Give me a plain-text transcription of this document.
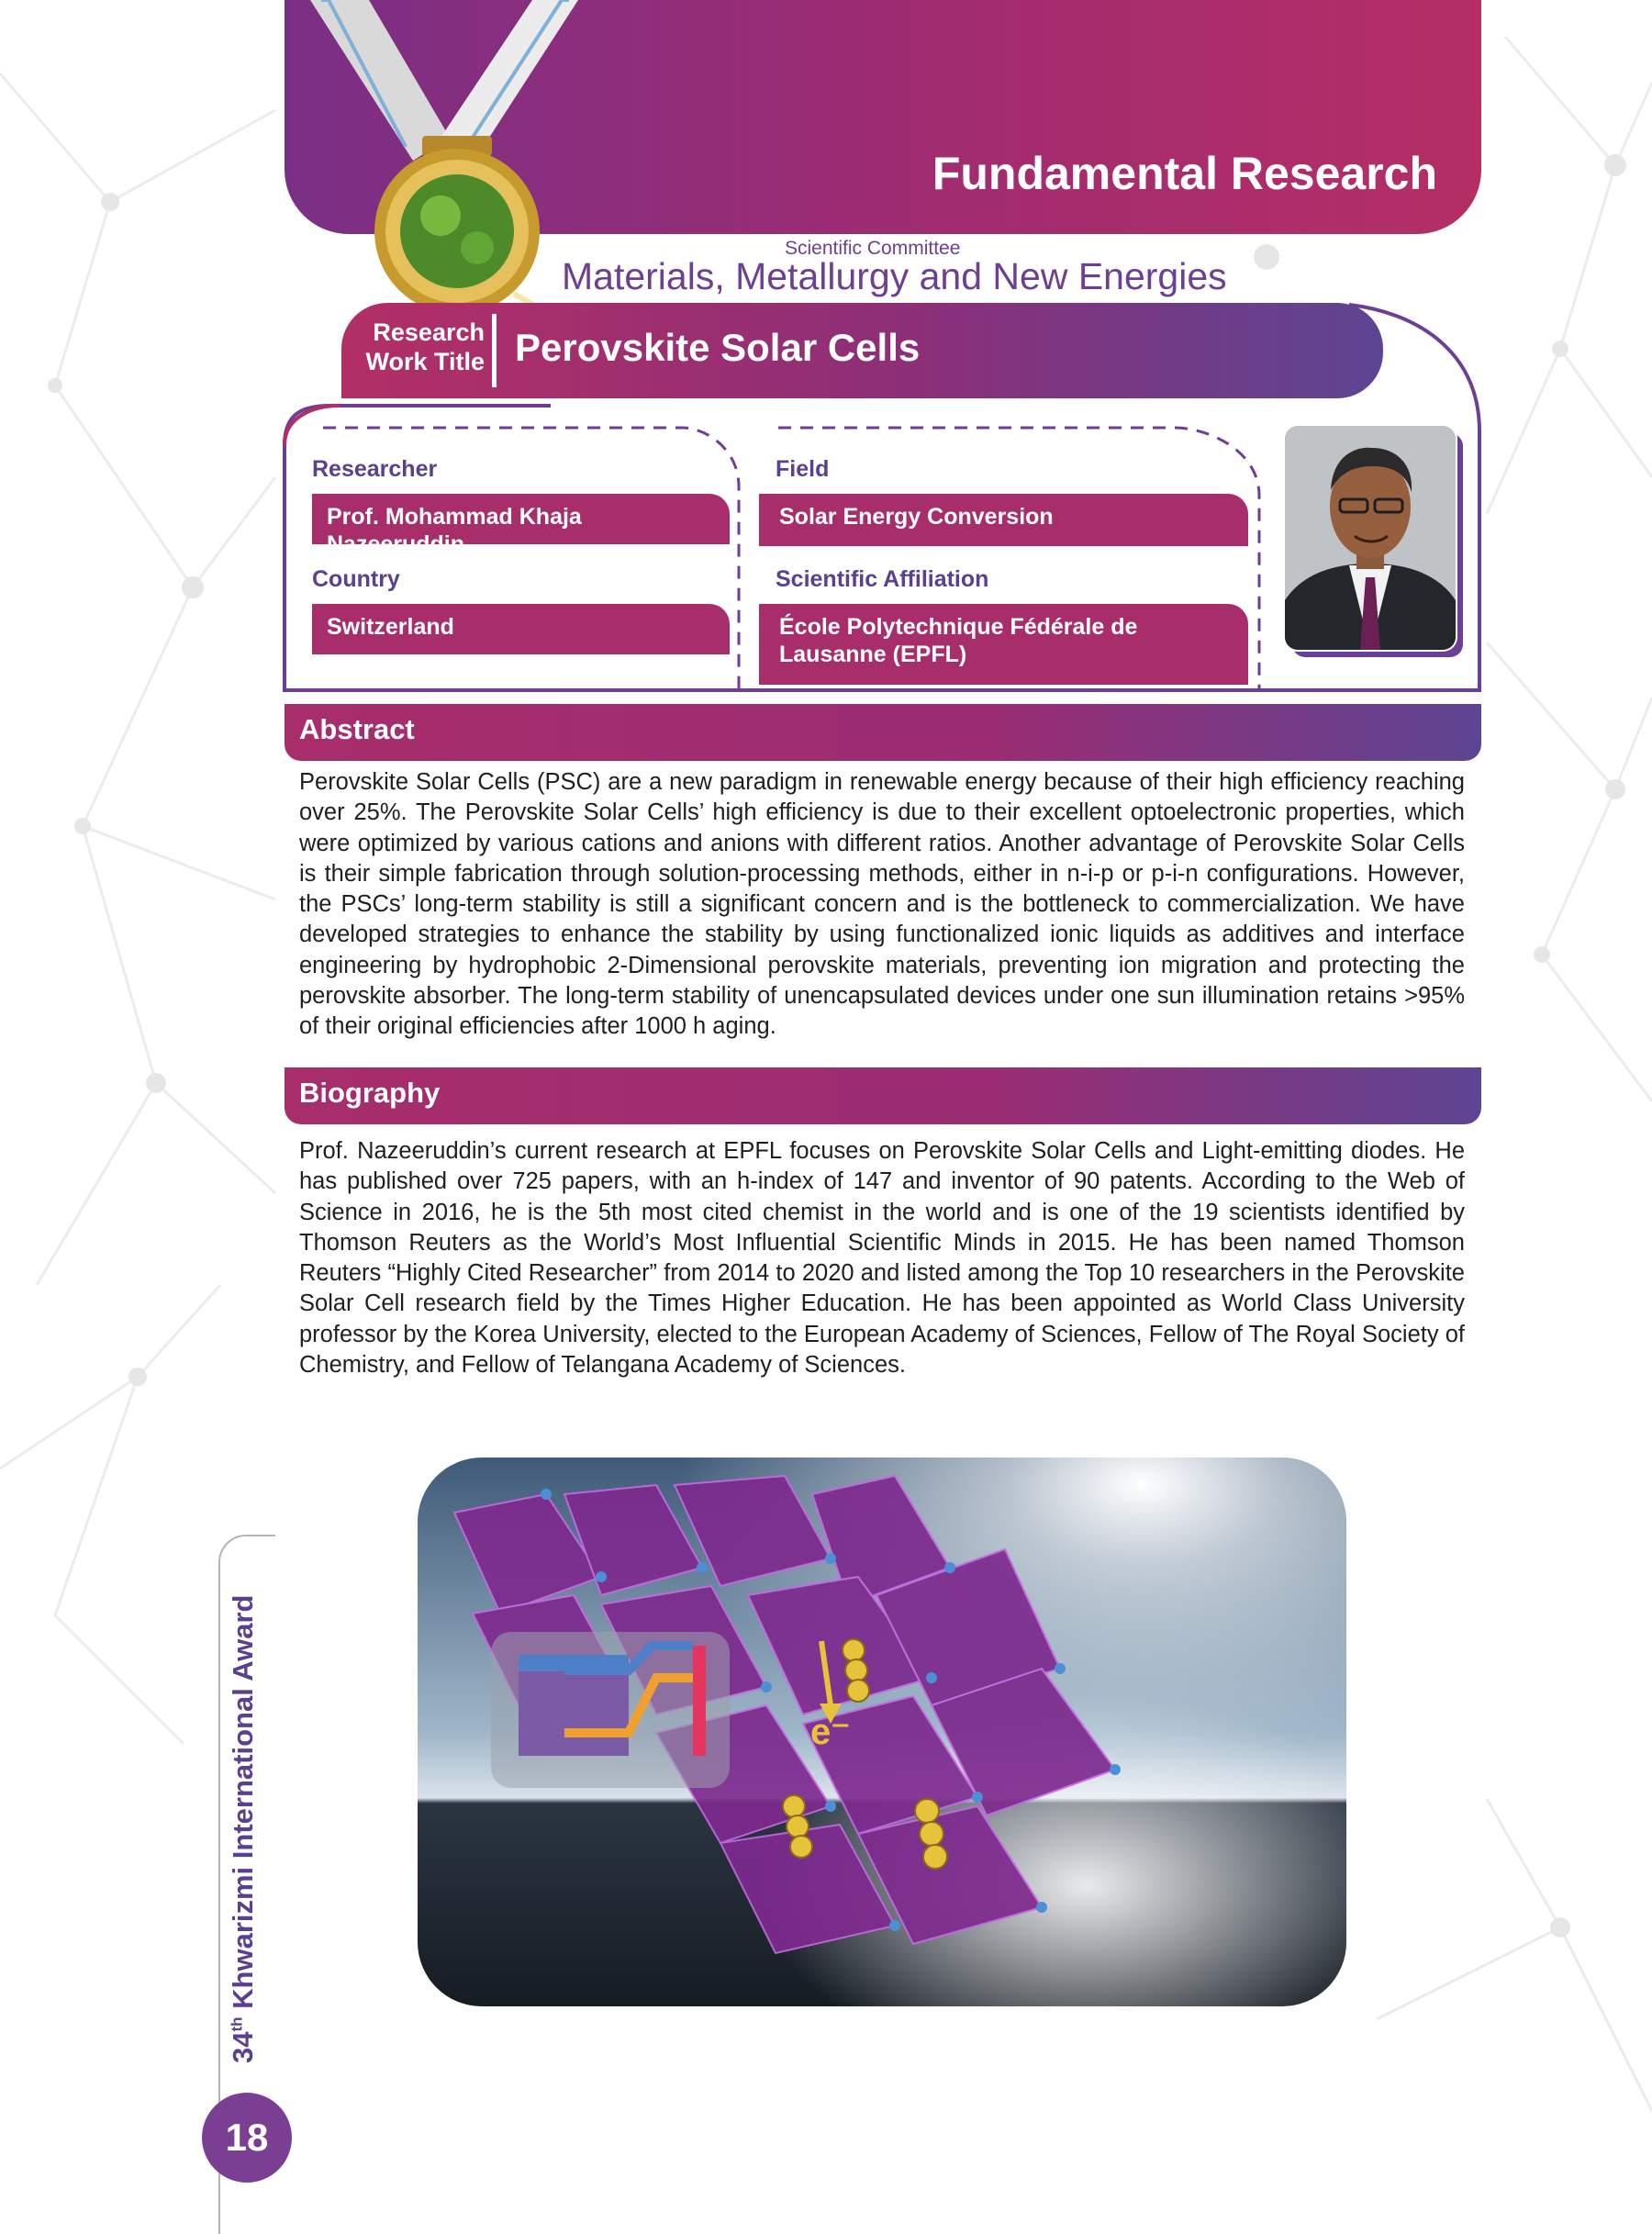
Fundamental Research
Scientific Committee
Materials, Metallurgy and New Energies
Research
Work Title Perovskite Solar Cells
Researcher
Prof. Mohammad Khaja Nazeeruddin
Country
Switzerland
Field
Solar Energy Conversion
Scientific Affiliation
École Polytechnique Fédérale de Lausanne (EPFL)
Abstract
Perovskite Solar Cells (PSC) are a new paradigm in renewable energy because of their high efficiency reaching over 25%. The Perovskite Solar Cells’ high efficiency is due to their excellent optoelectronic properties, which were optimized by various cations and anions with different ratios. Another advantage of Perovskite Solar Cells is their simple fabrication through solution-processing methods, either in n-i-p or p-i-n configurations. However, the PSCs’ long-term stability is still a significant concern and is the bottleneck to commercialization. We have developed strategies to enhance the stability by using functionalized ionic liquids as additives and interface engineering by hydrophobic 2-Dimensional perovskite materials, preventing ion migration and protecting the perovskite absorber. The long-term stability of unencapsulated devices under one sun illumination retains >95% of their original efficiencies after 1000 h aging.
Biography
Prof. Nazeeruddin’s current research at EPFL focuses on Perovskite Solar Cells and Light-emitting diodes. He has published over 725 papers, with an h-index of 147 and inventor of 90 patents. According to the Web of Science in 2016, he is the 5th most cited chemist in the world and is one of the 19 scientists identified by Thomson Reuters as the World’s Most Influential Scientific Minds in 2015. He has been named Thomson Reuters “Highly Cited Researcher” from 2014 to 2020 and listed among the Top 10 researchers in the Perovskite Solar Cell research field by the Times Higher Education. He has been appointed as World Class University professor by the Korea University, elected to the European Academy of Sciences, Fellow of The Royal Society of Chemistry, and Fellow of Telangana Academy of Sciences.
e⁻
34th Khwarizmi International Award
18
